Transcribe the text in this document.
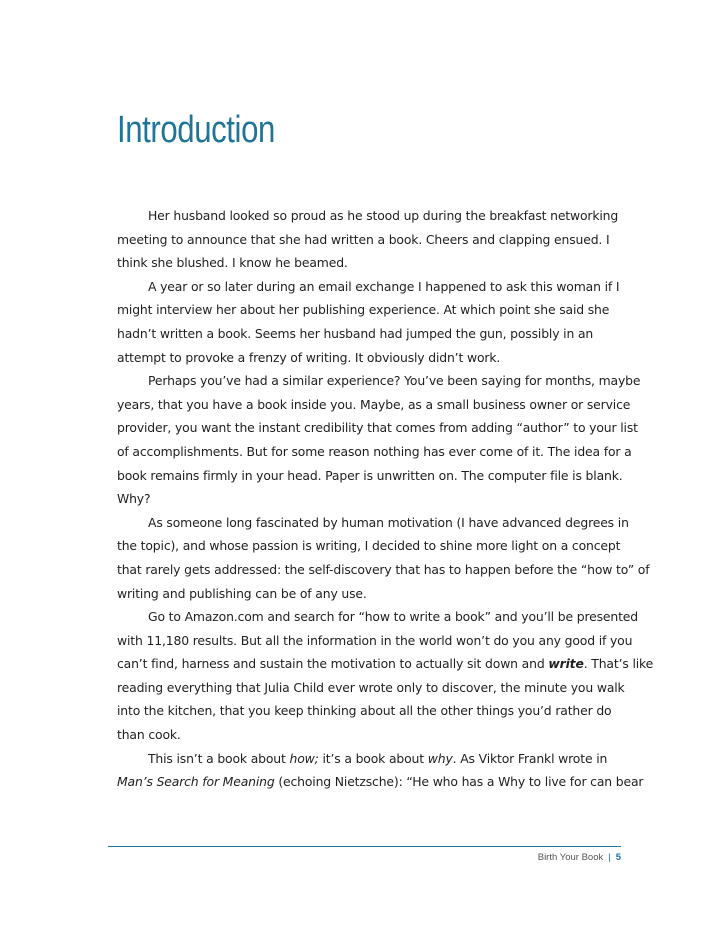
Introduction
Her husband looked so proud as he stood up during the breakfast networking
meeting to announce that she had written a book. Cheers and clapping ensued. I
think she blushed. I know he beamed.
A year or so later during an email exchange I happened to ask this woman if I
might interview her about her publishing experience. At which point she said she
hadn’t written a book. Seems her husband had jumped the gun, possibly in an
attempt to provoke a frenzy of writing. It obviously didn’t work.
Perhaps you’ve had a similar experience? You’ve been saying for months, maybe
years, that you have a book inside you. Maybe, as a small business owner or service
provider, you want the instant credibility that comes from adding “author” to your list
of accomplishments. But for some reason nothing has ever come of it. The idea for a
book remains firmly in your head. Paper is unwritten on. The computer file is blank.
Why?
As someone long fascinated by human motivation (I have advanced degrees in
the topic), and whose passion is writing, I decided to shine more light on a concept
that rarely gets addressed: the self-discovery that has to happen before the “how to” of
writing and publishing can be of any use.
Go to Amazon.com and search for “how to write a book” and you’ll be presented
with 11,180 results. But all the information in the world won’t do you any good if you
can’t find, harness and sustain the motivation to actually sit down and write. That’s like
reading everything that Julia Child ever wrote only to discover, the minute you walk
into the kitchen, that you keep thinking about all the other things you’d rather do
than cook.
This isn’t a book about how; it’s a book about why. As Viktor Frankl wrote in
Man’s Search for Meaning (echoing Nietzsche): “He who has a Why to live for can bear
Birth Your Book | 5
